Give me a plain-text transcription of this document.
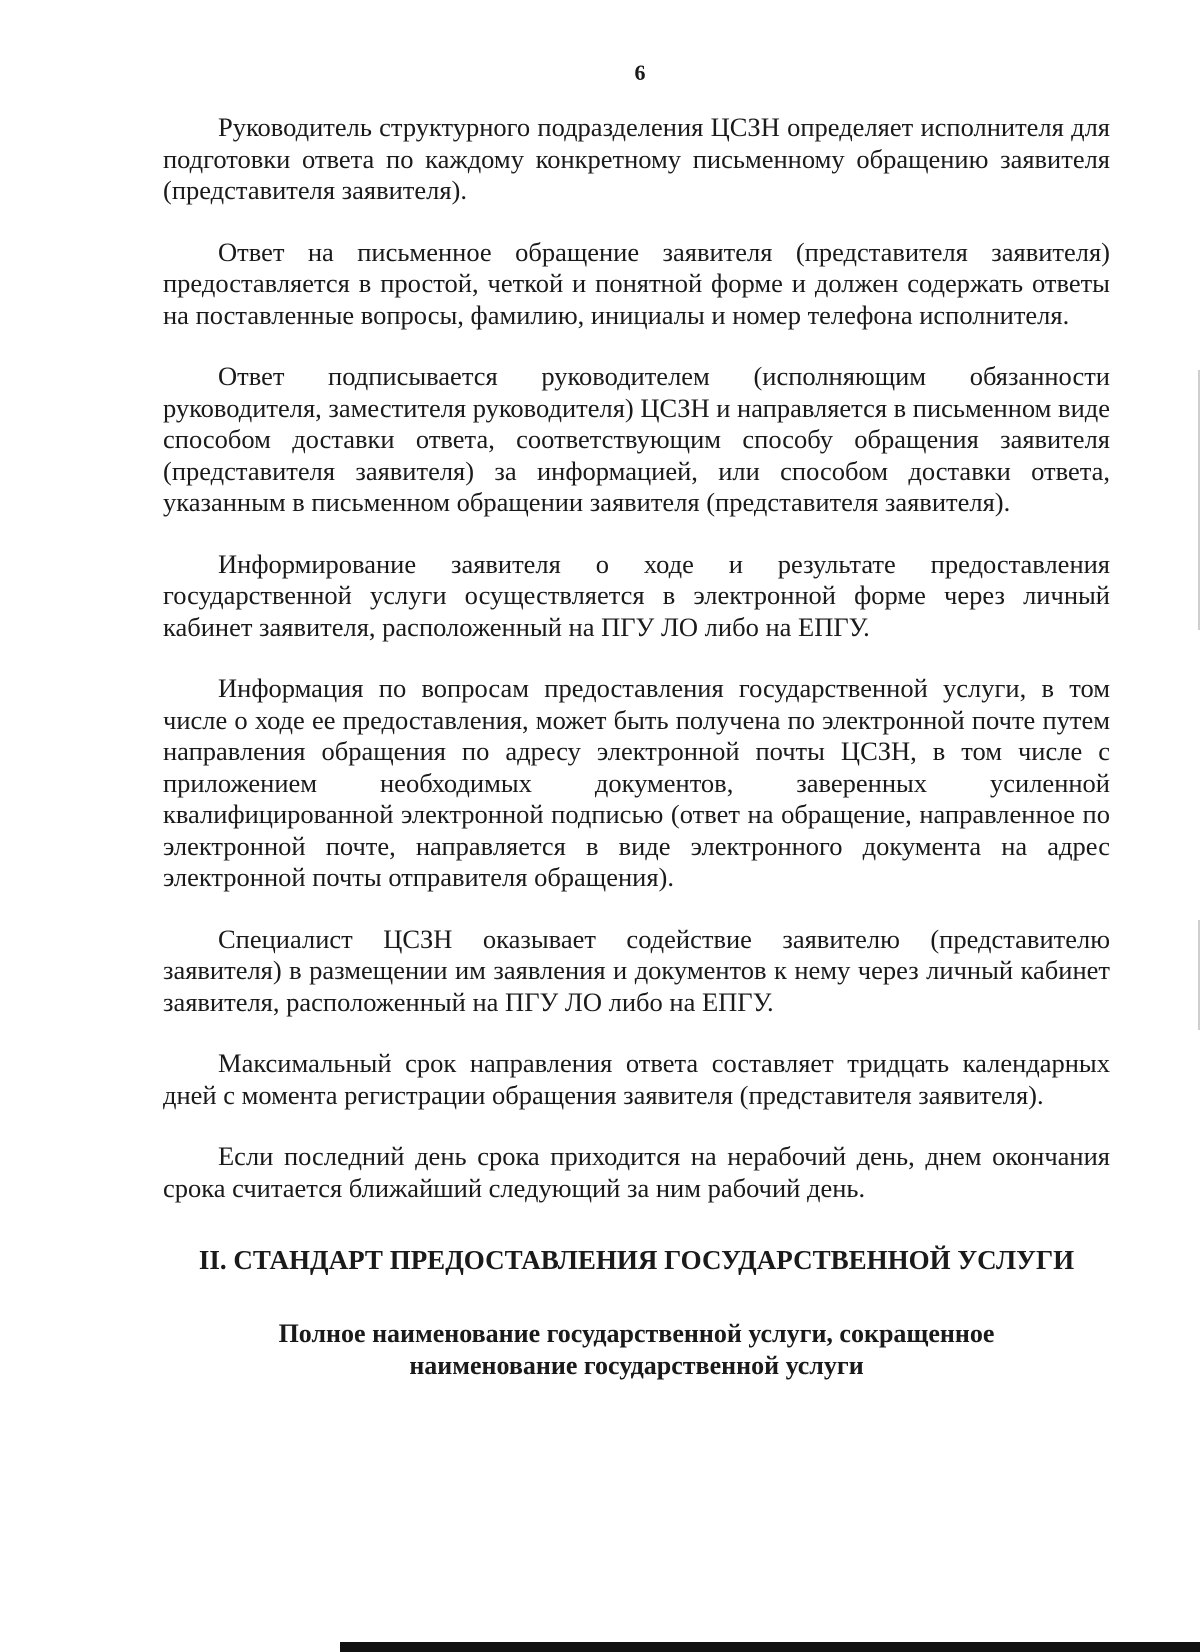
6

Руководитель структурного подразделения ЦСЗН определяет исполнителя для подготовки ответа по каждому конкретному письменному обращению заявителя (представителя заявителя).

Ответ на письменное обращение заявителя (представителя заявителя) предоставляется в простой, четкой и понятной форме и должен содержать ответы на поставленные вопросы, фамилию, инициалы и номер телефона исполнителя.

Ответ подписывается руководителем (исполняющим обязанности руководителя, заместителя руководителя) ЦСЗН и направляется в письменном виде способом доставки ответа, соответствующим способу обращения заявителя (представителя заявителя) за информацией, или способом доставки ответа, указанным в письменном обращении заявителя (представителя заявителя).

Информирование заявителя о ходе и результате предоставления государственной услуги осуществляется в электронной форме через личный кабинет заявителя, расположенный на ПГУ ЛО либо на ЕПГУ.

Информация по вопросам предоставления государственной услуги, в том числе о ходе ее предоставления, может быть получена по электронной почте путем направления обращения по адресу электронной почты ЦСЗН, в том числе с приложением необходимых документов, заверенных усиленной квалифицированной электронной подписью (ответ на обращение, направленное по электронной почте, направляется в виде электронного документа на адрес электронной почты отправителя обращения).

Специалист ЦСЗН оказывает содействие заявителю (представителю заявителя) в размещении им заявления и документов к нему через личный кабинет заявителя, расположенный на ПГУ ЛО либо на ЕПГУ.

Максимальный срок направления ответа составляет тридцать календарных дней с момента регистрации обращения заявителя (представителя заявителя).

Если последний день срока приходится на нерабочий день, днем окончания срока считается ближайший следующий за ним рабочий день.

II. СТАНДАРТ ПРЕДОСТАВЛЕНИЯ ГОСУДАРСТВЕННОЙ УСЛУГИ
Полное наименование государственной услуги, сокращенное наименование государственной услуги
